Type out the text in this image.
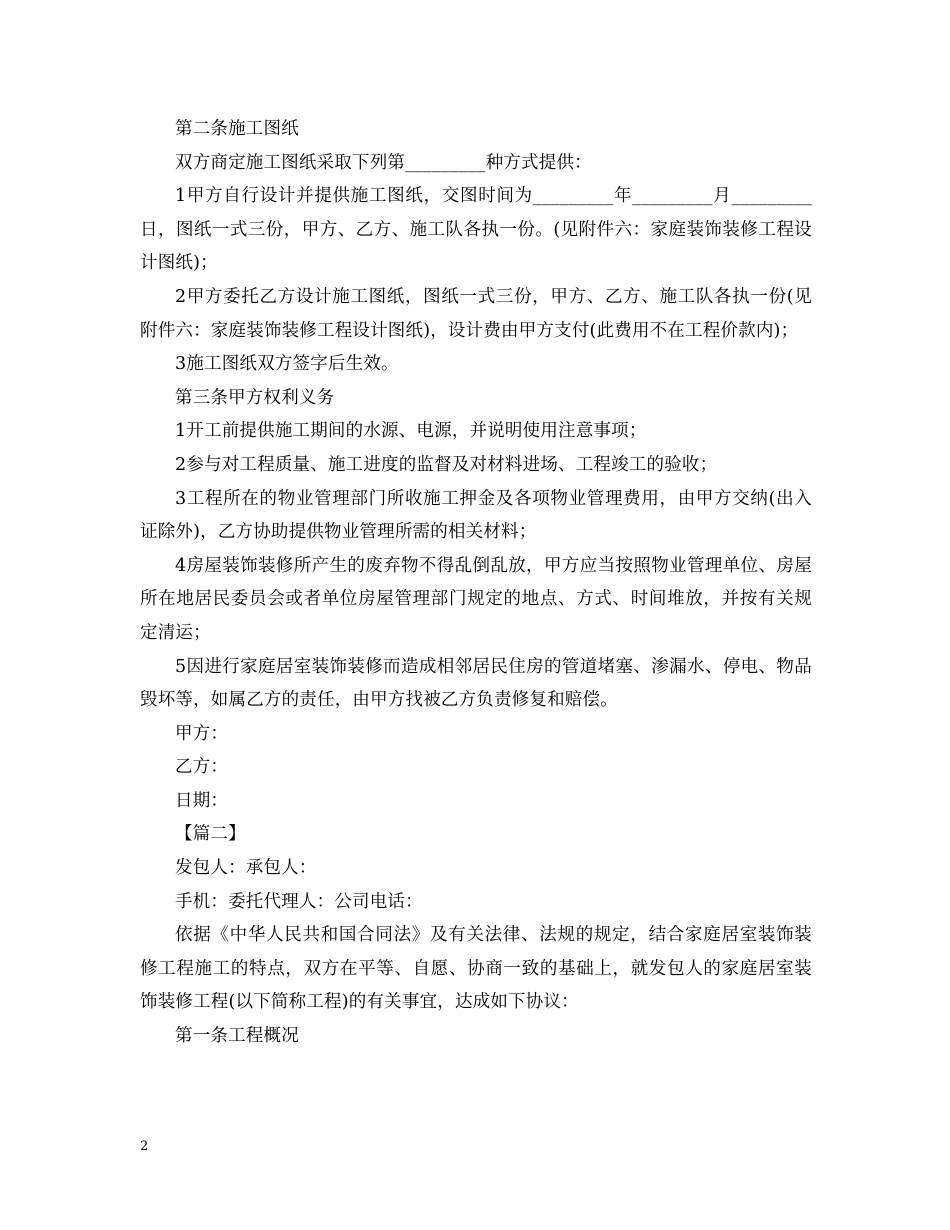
第二条施工图纸

双方商定施工图纸采取下列第_________种方式提供：

1甲方自行设计并提供施工图纸，交图时间为_________年_________月_________日，图纸一式三份，甲方、乙方、施工队各执一份。(见附件六：家庭装饰装修工程设计图纸)；

2甲方委托乙方设计施工图纸，图纸一式三份，甲方、乙方、施工队各执一份(见附件六：家庭装饰装修工程设计图纸)，设计费由甲方支付(此费用不在工程价款内)；

3施工图纸双方签字后生效。

第三条甲方权利义务

1开工前提供施工期间的水源、电源，并说明使用注意事项；

2参与对工程质量、施工进度的监督及对材料进场、工程竣工的验收；

3工程所在的物业管理部门所收施工押金及各项物业管理费用，由甲方交纳(出入证除外)，乙方协助提供物业管理所需的相关材料；

4房屋装饰装修所产生的废弃物不得乱倒乱放，甲方应当按照物业管理单位、房屋所在地居民委员会或者单位房屋管理部门规定的地点、方式、时间堆放，并按有关规定清运；

5因进行家庭居室装饰装修而造成相邻居民住房的管道堵塞、渗漏水、停电、物品毁坏等，如属乙方的责任，由甲方找被乙方负责修复和赔偿。

甲方：

乙方：

日期：

【篇二】

发包人：承包人：

手机：委托代理人：公司电话：

依据《中华人民共和国合同法》及有关法律、法规的规定，结合家庭居室装饰装修工程施工的特点，双方在平等、自愿、协商一致的基础上，就发包人的家庭居室装饰装修工程(以下简称工程)的有关事宜，达成如下协议：

第一条工程概况

2
